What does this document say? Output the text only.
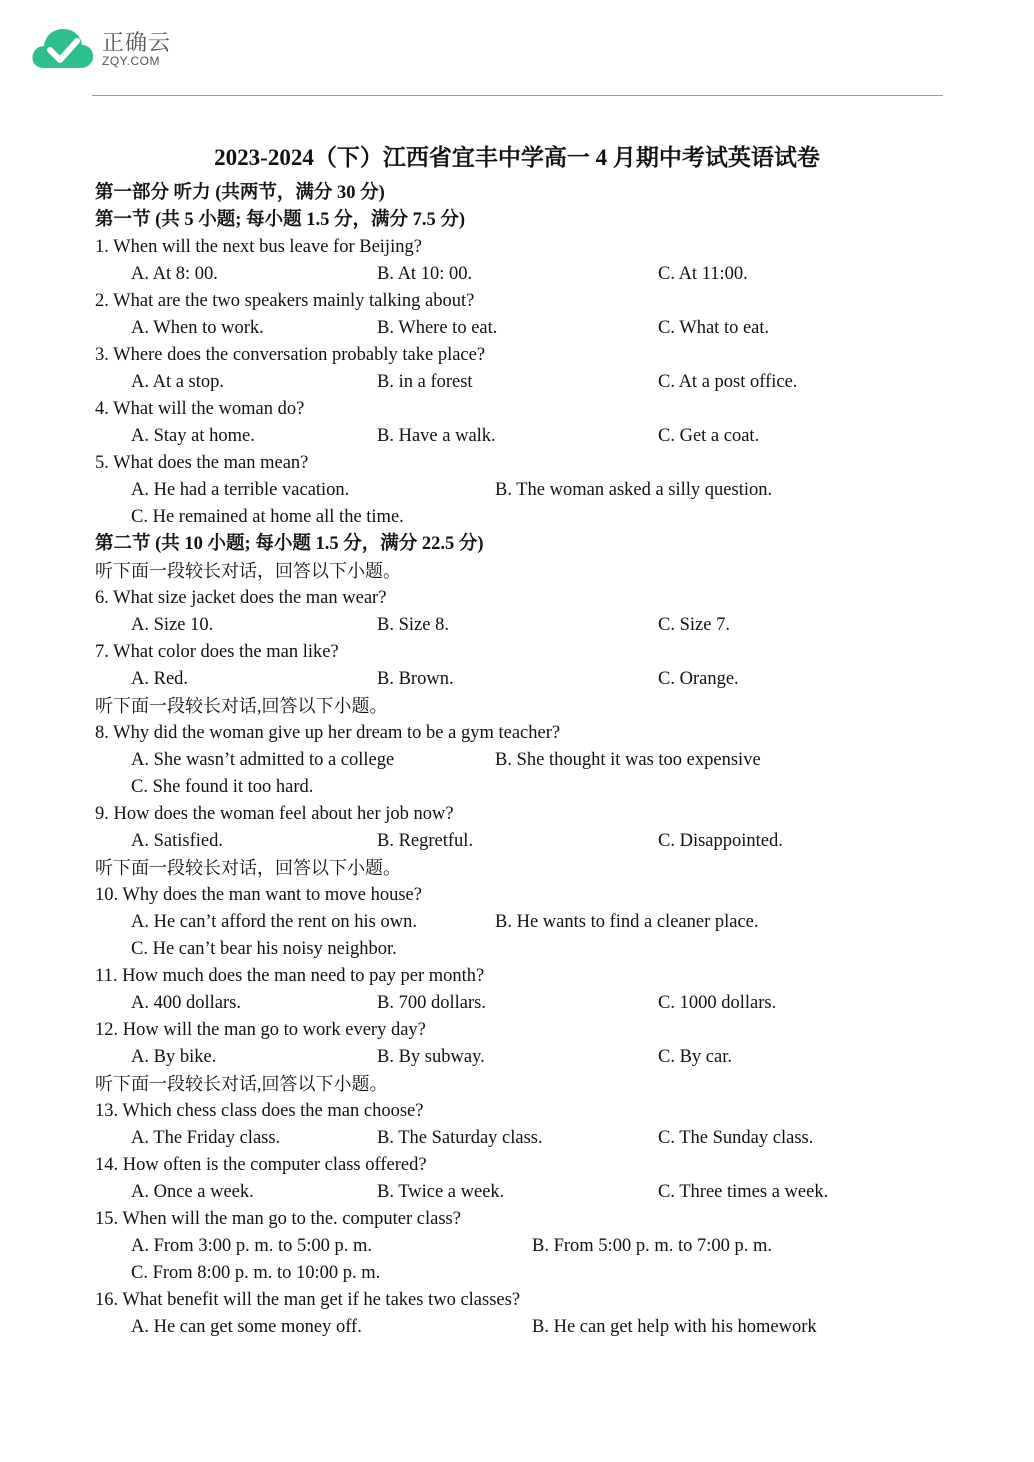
正确云
ZQY.COM
2023-2024（下）江西省宜丰中学高一 4 月期中考试英语试卷
第一部分 听力 (共两节，满分 30 分)
第一节 (共 5 小题; 每小题 1.5 分，满分 7.5 分)
1. When will the next bus leave for Beijing?
A. At 8: 00.	B. At 10: 00.	C. At 11:00.
2. What are the two speakers mainly talking about?
A. When to work.	B. Where to eat.	C. What to eat.
3. Where does the conversation probably take place?
A. At a stop.	B. in a forest	C. At a post office.
4. What will the woman do?
A. Stay at home.	B. Have a walk.	C. Get a coat.
5. What does the man mean?
A. He had a terrible vacation.	B. The woman asked a silly question.
C. He remained at home all the time.
第二节 (共 10 小题; 每小题 1.5 分，满分 22.5 分)
听下面一段较长对话，回答以下小题。
6. What size jacket does the man wear?
A. Size 10.	B. Size 8.	C. Size 7.
7. What color does the man like?
A. Red.	B. Brown.	C. Orange.
听下面一段较长对话,回答以下小题。
8. Why did the woman give up her dream to be a gym teacher?
A. She wasn’t admitted to a college	B. She thought it was too expensive
C. She found it too hard.
9. How does the woman feel about her job now?
A. Satisfied.	B. Regretful.	C. Disappointed.
听下面一段较长对话，回答以下小题。
10. Why does the man want to move house?
A. He can’t afford the rent on his own.	B. He wants to find a cleaner place.
C. He can’t bear his noisy neighbor.
11. How much does the man need to pay per month?
A. 400 dollars.	B. 700 dollars.	C. 1000 dollars.
12. How will the man go to work every day?
A. By bike.	B. By subway.	C. By car.
听下面一段较长对话,回答以下小题。
13. Which chess class does the man choose?
A. The Friday class.	B. The Saturday class.	C. The Sunday class.
14. How often is the computer class offered?
A. Once a week.	B. Twice a week.	C. Three times a week.
15. When will the man go to the. computer class?
A. From 3:00 p. m. to 5:00 p. m.	B. From 5:00 p. m. to 7:00 p. m.
C. From 8:00 p. m. to 10:00 p. m.
16. What benefit will the man get if he takes two classes?
A. He can get some money off.	B. He can get help with his homework
